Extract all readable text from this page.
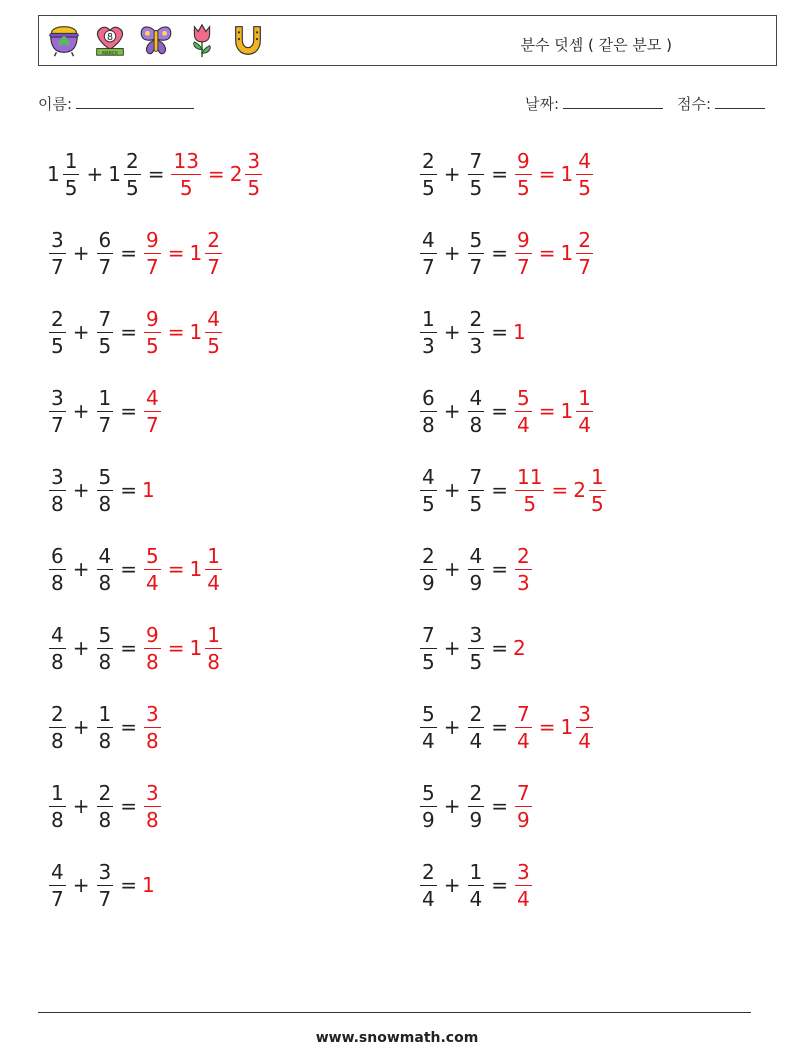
8
MARCH	분수 덧셈 ( 같은 분모 )
이름:	날짜:	점수:
$1 \frac{1}{5} + 1 \frac{2}{5} = \frac{13}{5} = 2 \frac{3}{5}$	$\frac{2}{5} + \frac{7}{5} = \frac{9}{5} = 1 \frac{4}{5}$
$\frac{3}{7} + \frac{6}{7} = \frac{9}{7} = 1 \frac{2}{7}$	$\frac{4}{7} + \frac{5}{7} = \frac{9}{7} = 1 \frac{2}{7}$
$\frac{2}{5} + \frac{7}{5} = \frac{9}{5} = 1 \frac{4}{5}$	$\frac{1}{3} + \frac{2}{3} = 1$
$\frac{3}{7} + \frac{1}{7} = \frac{4}{7}$	$\frac{6}{8} + \frac{4}{8} = \frac{5}{4} = 1 \frac{1}{4}$
$\frac{3}{8} + \frac{5}{8} = 1$	$\frac{4}{5} + \frac{7}{5} = \frac{11}{5} = 2 \frac{1}{5}$
$\frac{6}{8} + \frac{4}{8} = \frac{5}{4} = 1 \frac{1}{4}$	$\frac{2}{9} + \frac{4}{9} = \frac{2}{3}$
$\frac{4}{8} + \frac{5}{8} = \frac{9}{8} = 1 \frac{1}{8}$	$\frac{7}{5} + \frac{3}{5} = 2$
$\frac{2}{8} + \frac{1}{8} = \frac{3}{8}$	$\frac{5}{4} + \frac{2}{4} = \frac{7}{4} = 1 \frac{3}{4}$
$\frac{1}{8} + \frac{2}{8} = \frac{3}{8}$	$\frac{5}{9} + \frac{2}{9} = \frac{7}{9}$
$\frac{4}{7} + \frac{3}{7} = 1$	$\frac{2}{4} + \frac{1}{4} = \frac{3}{4}$
www.snowmath.com
